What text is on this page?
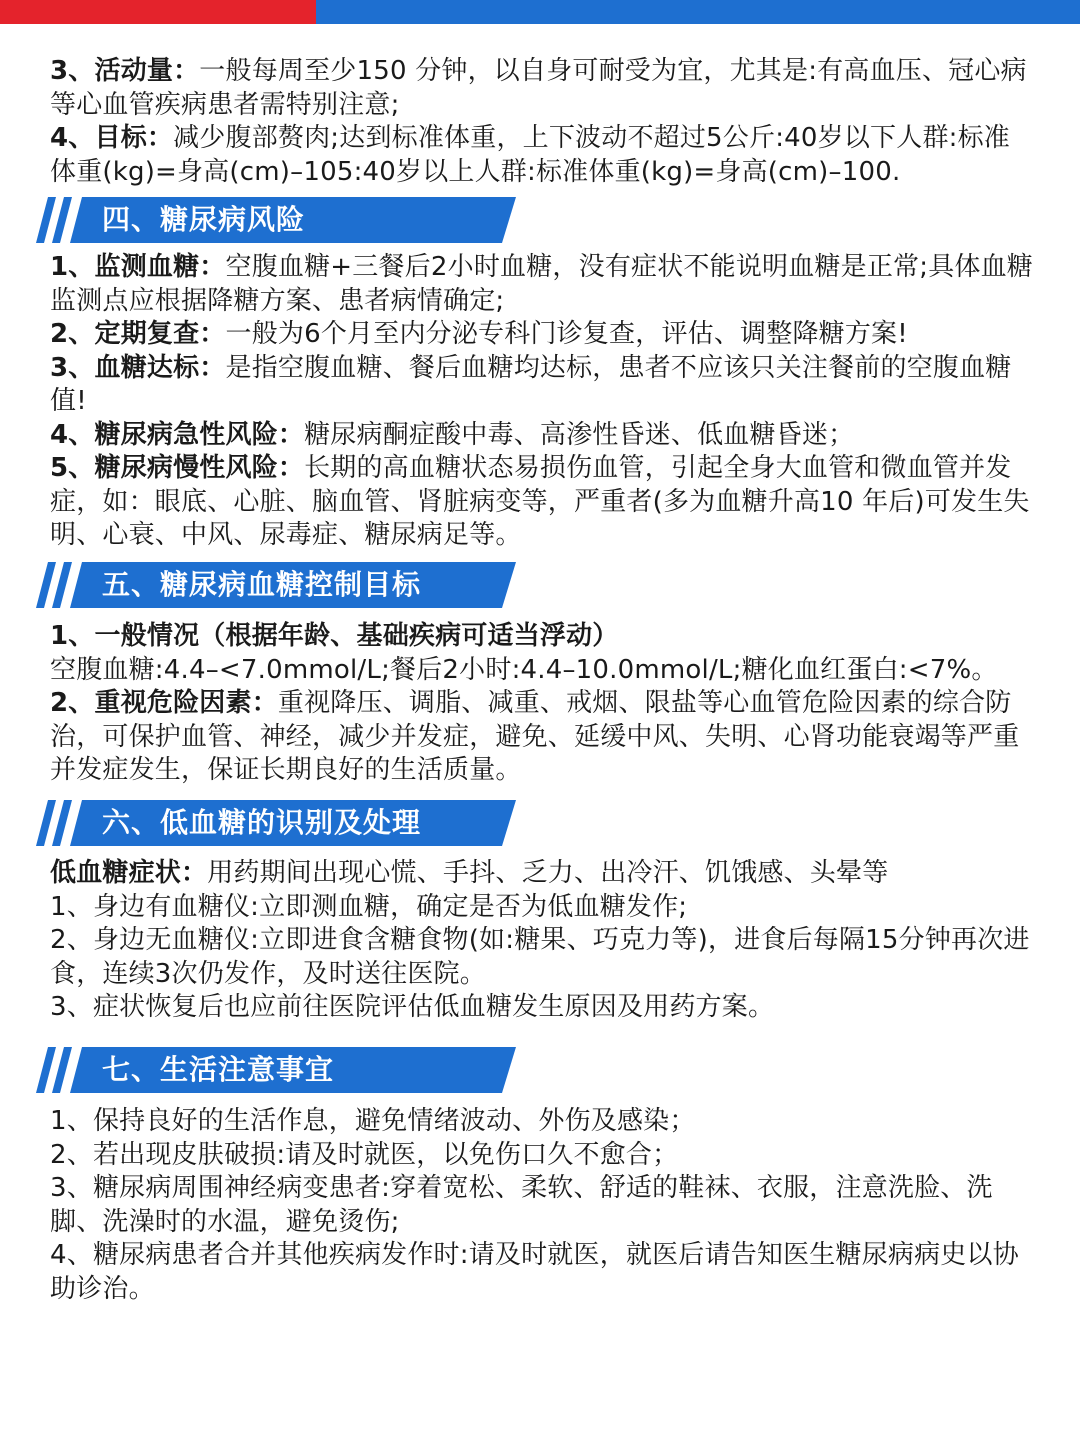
3、活动量：一般每周至少150 分钟，以自身可耐受为宜，尤其是:有高血压、冠心病等心血管疾病患者需特别注意;

4、目标：减少腹部赘肉;达到标准体重，上下波动不超过5公斤:40岁以下人群:标准体重(kg)=身高(cm)–105:40岁以上人群:标准体重(kg)=身高(cm)–100.

四、糖尿病风险

1、监测血糖：空腹血糖+三餐后2小时血糖，没有症状不能说明血糖是正常;具体血糖监测点应根据降糖方案、患者病情确定;

2、定期复查：一般为6个月至内分泌专科门诊复查，评估、调整降糖方案!

3、血糖达标：是指空腹血糖、餐后血糖均达标，患者不应该只关注餐前的空腹血糖值!

4、糖尿病急性风险：糖尿病酮症酸中毒、高渗性昏迷、低血糖昏迷；

5、糖尿病慢性风险：长期的高血糖状态易损伤血管，引起全身大血管和微血管并发症，如：眼底、心脏、脑血管、肾脏病变等，严重者(多为血糖升高10 年后)可发生失明、心衰、中风、尿毒症、糖尿病足等。

五、糖尿病血糖控制目标

1、一般情况（根据年龄、基础疾病可适当浮动）

空腹血糖:4.4–<7.0mmol/L;餐后2小时:4.4–10.0mmol/L;糖化血红蛋白:<7%。

2、重视危险因素：重视降压、调脂、减重、戒烟、限盐等心血管危险因素的综合防治，可保护血管、神经，减少并发症，避免、延缓中风、失明、心肾功能衰竭等严重并发症发生，保证长期良好的生活质量。

六、低血糖的识别及处理

低血糖症状：用药期间出现心慌、手抖、乏力、出冷汗、饥饿感、头晕等

1、身边有血糖仪:立即测血糖，确定是否为低血糖发作;

2、身边无血糖仪:立即进食含糖食物(如:糖果、巧克力等)，进食后每隔15分钟再次进食，连续3次仍发作，及时送往医院。

3、症状恢复后也应前往医院评估低血糖发生原因及用药方案。

七、生活注意事宜

1、保持良好的生活作息，避免情绪波动、外伤及感染；

2、若出现皮肤破损:请及时就医，以免伤口久不愈合；

3、糖尿病周围神经病变患者:穿着宽松、柔软、舒适的鞋袜、衣服，注意洗脸、洗脚、洗澡时的水温，避免烫伤;

4、糖尿病患者合并其他疾病发作时:请及时就医，就医后请告知医生糖尿病病史以协助诊治。
